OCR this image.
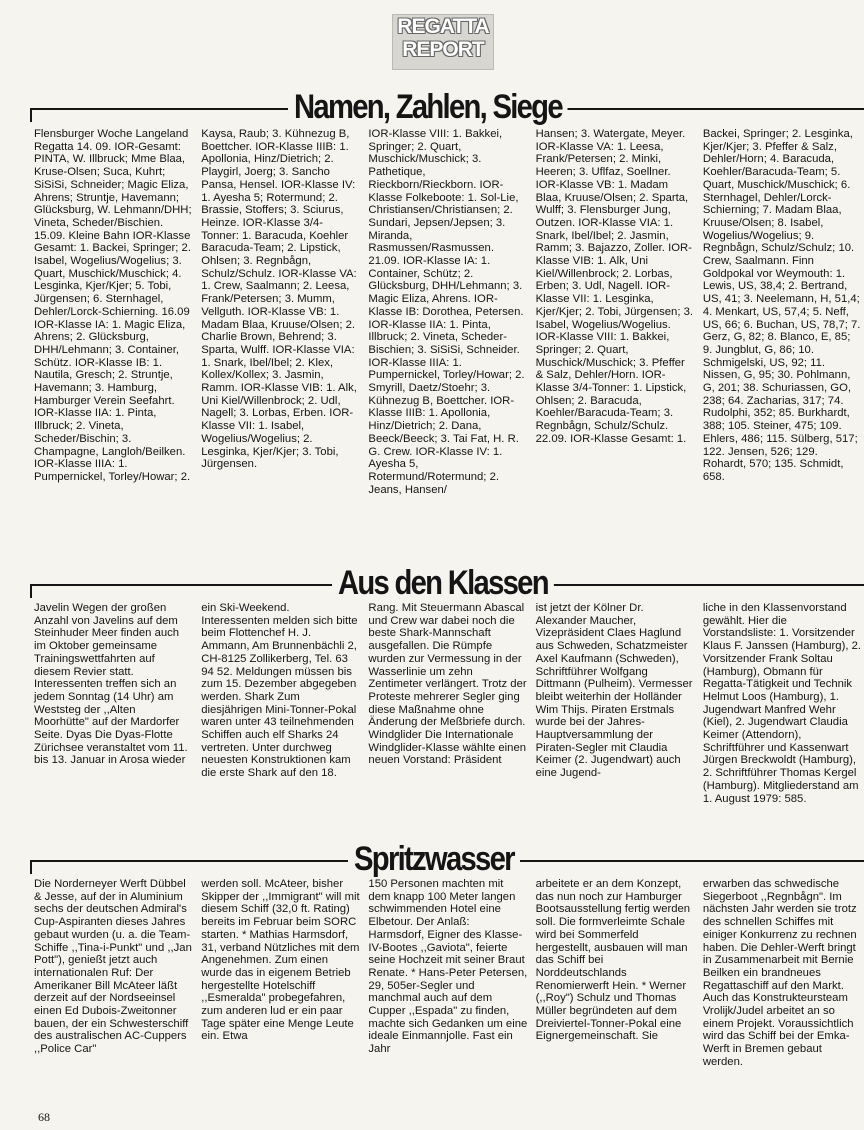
REGATTA
REPORT
Namen, Zahlen, Siege
Flensburger Woche Langeland Regatta 14. 09. IOR-Gesamt: PINTA, W. Illbruck; Mme Blaa, Kruse-Olsen; Suca, Kuhrt; SiSiSi, Schneider; Magic Eliza, Ahrens; Struntje, Havemann; Glücksburg, W. Lehmann/DHH; Vineta, Scheder/Bischien. 15.09. Kleine Bahn IOR-Klasse Gesamt: 1. Backei, Springer; 2. Isabel, Wogelius/Wogelius; 3. Quart, Muschick/Muschick; 4. Lesginka, Kjer/Kjer; 5. Tobi, Jürgensen; 6. Sternhagel, Dehler/Lorck-Schierning. 16.09 IOR-Klasse IA: 1. Magic Eliza, Ahrens; 2. Glücksburg, DHH/Lehmann; 3. Container, Schütz. IOR-Klasse IB: 1. Nautila, Gresch; 2. Struntje, Havemann; 3. Hamburg, Hamburger Verein Seefahrt. IOR-Klasse IIA: 1. Pinta, Illbruck; 2. Vineta, Scheder/Bischin; 3. Champagne, Langloh/Beilken. IOR-Klasse IIIA: 1. Pumpernickel, Torley/Howar; 2.
Kaysa, Raub; 3. Kühnezug B, Boettcher. IOR-Klasse IIIB: 1. Apollonia, Hinz/Dietrich; 2. Playgirl, Joerg; 3. Sancho Pansa, Hensel. IOR-Klasse IV: 1. Ayesha 5; Rotermund; 2. Brassie, Stoffers; 3. Sciurus, Heinze. IOR-Klasse 3/4-Tonner: 1. Baracuda, Koehler Baracuda-Team; 2. Lipstick, Ohlsen; 3. Regnbågn, Schulz/Schulz. IOR-Klasse VA: 1. Crew, Saalmann; 2. Leesa, Frank/Petersen; 3. Mumm, Vellguth. IOR-Klasse VB: 1. Madam Blaa, Kruuse/Olsen; 2. Charlie Brown, Behrend; 3. Sparta, Wulff. IOR-Klasse VIA: 1. Snark, Ibel/Ibel; 2. Klex, Kollex/Kollex; 3. Jasmin, Ramm. IOR-Klasse VIB: 1. Alk, Uni Kiel/Willenbrock; 2. Udl, Nagell; 3. Lorbas, Erben. IOR-Klasse VII: 1. Isabel, Wogelius/Wogelius; 2. Lesginka, Kjer/Kjer; 3. Tobi, Jürgensen.
IOR-Klasse VIII: 1. Bakkei, Springer; 2. Quart, Muschick/Muschick; 3. Pathetique, Rieckborn/Rieckborn. IOR-Klasse Folkeboote: 1. Sol-Lie, Christiansen/Christiansen; 2. Sundari, Jepsen/Jepsen; 3. Miranda, Rasmussen/Rasmussen. 21.09. IOR-Klasse IA: 1. Container, Schütz; 2. Glücksburg, DHH/Lehmann; 3. Magic Eliza, Ahrens. IOR-Klasse IB: Dorothea, Petersen. IOR-Klasse IIA: 1. Pinta, Illbruck; 2. Vineta, Scheder-Bischien; 3. SiSiSi, Schneider. IOR-Klasse IIIA: 1. Pumpernickel, Torley/Howar; 2. Smyrill, Daetz/Stoehr; 3. Kühnezug B, Boettcher. IOR-Klasse IIIB: 1. Apollonia, Hinz/Dietrich; 2. Dana, Beeck/Beeck; 3. Tai Fat, H. R. G. Crew. IOR-Klasse IV: 1. Ayesha 5, Rotermund/Rotermund; 2. Jeans, Hansen/
Hansen; 3. Watergate, Meyer. IOR-Klasse VA: 1. Leesa, Frank/Petersen; 2. Minki, Heeren; 3. Uflfaz, Soellner. IOR-Klasse VB: 1. Madam Blaa, Kruuse/Olsen; 2. Sparta, Wulff; 3. Flensburger Jung, Outzen. IOR-Klasse VIA: 1. Snark, Ibel/Ibel; 2. Jasmin, Ramm; 3. Bajazzo, Zoller. IOR-Klasse VIB: 1. Alk, Uni Kiel/Willenbrock; 2. Lorbas, Erben; 3. Udl, Nagell. IOR-Klasse VII: 1. Lesginka, Kjer/Kjer; 2. Tobi, Jürgensen; 3. Isabel, Wogelius/Wogelius. IOR-Klasse VIII: 1. Bakkei, Springer; 2. Quart, Muschick/Muschick; 3. Pfeffer & Salz, Dehler/Horn. IOR-Klasse 3/4-Tonner: 1. Lipstick, Ohlsen; 2. Baracuda, Koehler/Baracuda-Team; 3. Regnbågn, Schulz/Schulz. 22.09. IOR-Klasse Gesamt: 1.
Backei, Springer; 2. Lesginka, Kjer/Kjer; 3. Pfeffer & Salz, Dehler/Horn; 4. Baracuda, Koehler/Baracuda-Team; 5. Quart, Muschick/Muschick; 6. Sternhagel, Dehler/Lorck-Schierning; 7. Madam Blaa, Kruuse/Olsen; 8. Isabel, Wogelius/Wogelius; 9. Regnbågn, Schulz/Schulz; 10. Crew, Saalmann. Finn Goldpokal vor Weymouth: 1. Lewis, US, 38,4; 2. Bertrand, US, 41; 3. Neelemann, H, 51,4; 4. Menkart, US, 57,4; 5. Neff, US, 66; 6. Buchan, US, 78,7; 7. Gerz, G, 82; 8. Blanco, E, 85; 9. Jungblut, G, 86; 10. Schmigelski, US, 92; 11. Nissen, G, 95; 30. Pohlmann, G, 201; 38. Schuriassen, GO, 238; 64. Zacharias, 317; 74. Rudolphi, 352; 85. Burkhardt, 388; 105. Steiner, 475; 109. Ehlers, 486; 115. Sülberg, 517; 122. Jensen, 526; 129. Rohardt, 570; 135. Schmidt, 658.
Aus den Klassen
Javelin Wegen der großen Anzahl von Javelins auf dem Steinhuder Meer finden auch im Oktober gemeinsame Trainingswettfahrten auf diesem Revier statt. Interessenten treffen sich an jedem Sonntag (14 Uhr) am Weststeg der ,,Alten Moorhütte" auf der Mardorfer Seite. Dyas Die Dyas-Flotte Zürichsee veranstaltet vom 11. bis 13. Januar in Arosa wieder
ein Ski-Weekend. Interessenten melden sich bitte beim Flottenchef H. J. Ammann, Am Brunnenbächli 2, CH-8125 Zollikerberg, Tel. 63 94 52. Meldungen müssen bis zum 15. Dezember abgegeben werden. Shark Zum diesjährigen Mini-Tonner-Pokal waren unter 43 teilnehmenden Schiffen auch elf Sharks 24 vertreten. Unter durchweg neuesten Konstruktionen kam die erste Shark auf den 18.
Rang. Mit Steuermann Abascal und Crew war dabei noch die beste Shark-Mannschaft ausgefallen. Die Rümpfe wurden zur Vermessung in der Wasserlinie um zehn Zentimeter verlängert. Trotz der Proteste mehrerer Segler ging diese Maßnahme ohne Änderung der Meßbriefe durch. Windglider Die Internationale Windglider-Klasse wählte einen neuen Vorstand: Präsident
ist jetzt der Kölner Dr. Alexander Maucher, Vizepräsident Claes Haglund aus Schweden, Schatzmeister Axel Kaufmann (Schweden), Schriftführer Wolfgang Dittmann (Pulheim). Vermesser bleibt weiterhin der Holländer Wim Thijs. Piraten Erstmals wurde bei der Jahres-Hauptversammlung der Piraten-Segler mit Claudia Keimer (2. Jugendwart) auch eine Jugend-
liche in den Klassenvorstand gewählt. Hier die Vorstandsliste: 1. Vorsitzender Klaus F. Janssen (Hamburg), 2. Vorsitzender Frank Soltau (Hamburg), Obmann für Regatta-Tätigkeit und Technik Helmut Loos (Hamburg), 1. Jugendwart Manfred Wehr (Kiel), 2. Jugendwart Claudia Keimer (Attendorn), Schriftführer und Kassenwart Jürgen Breckwoldt (Hamburg), 2. Schriftführer Thomas Kergel (Hamburg). Mitgliederstand am 1. August 1979: 585.
Spritzwasser
Die Norderneyer Werft Dübbel & Jesse, auf der in Aluminium sechs der deutschen Admiral's Cup-Aspiranten dieses Jahres gebaut wurden (u. a. die Team-Schiffe ,,Tina-i-Punkt" und ,,Jan Pott"), genießt jetzt auch internationalen Ruf: Der Amerikaner Bill McAteer läßt derzeit auf der Nordseeinsel einen Ed Dubois-Zweitonner bauen, der ein Schwesterschiff des australischen AC-Cuppers ,,Police Car"
werden soll. McAteer, bisher Skipper der ,,Immigrant" will mit diesem Schiff (32,0 ft. Rating) bereits im Februar beim SORC starten. * Mathias Harmsdorf, 31, verband Nützliches mit dem Angenehmen. Zum einen wurde das in eigenem Betrieb hergestellte Hotelschiff ,,Esmeralda" probegefahren, zum anderen lud er ein paar Tage später eine Menge Leute ein. Etwa
150 Personen machten mit dem knapp 100 Meter langen schwimmenden Hotel eine Elbetour. Der Anlaß: Harmsdorf, Eigner des Klasse-IV-Bootes ,,Gaviota", feierte seine Hochzeit mit seiner Braut Renate. * Hans-Peter Petersen, 29, 505er-Segler und manchmal auch auf dem Cupper ,,Espada" zu finden, machte sich Gedanken um eine ideale Einmannjolle. Fast ein Jahr
arbeitete er an dem Konzept, das nun noch zur Hamburger Bootsausstellung fertig werden soll. Die formverleimte Schale wird bei Sommerfeld hergestellt, ausbauen will man das Schiff bei Norddeutschlands Renomierwerft Hein. * Werner (,,Roy") Schulz und Thomas Müller begründeten auf dem Dreiviertel-Tonner-Pokal eine Eignergemeinschaft. Sie
erwarben das schwedische Siegerboot ,,Regnbågn". Im nächsten Jahr werden sie trotz des schnellen Schiffes mit einiger Konkurrenz zu rechnen haben. Die Dehler-Werft bringt in Zusammenarbeit mit Bernie Beilken ein brandneues Regattaschiff auf den Markt. Auch das Konstrukteursteam Vrolijk/Judel arbeitet an so einem Projekt. Voraussichtlich wird das Schiff bei der Emka-Werft in Bremen gebaut werden.
68
